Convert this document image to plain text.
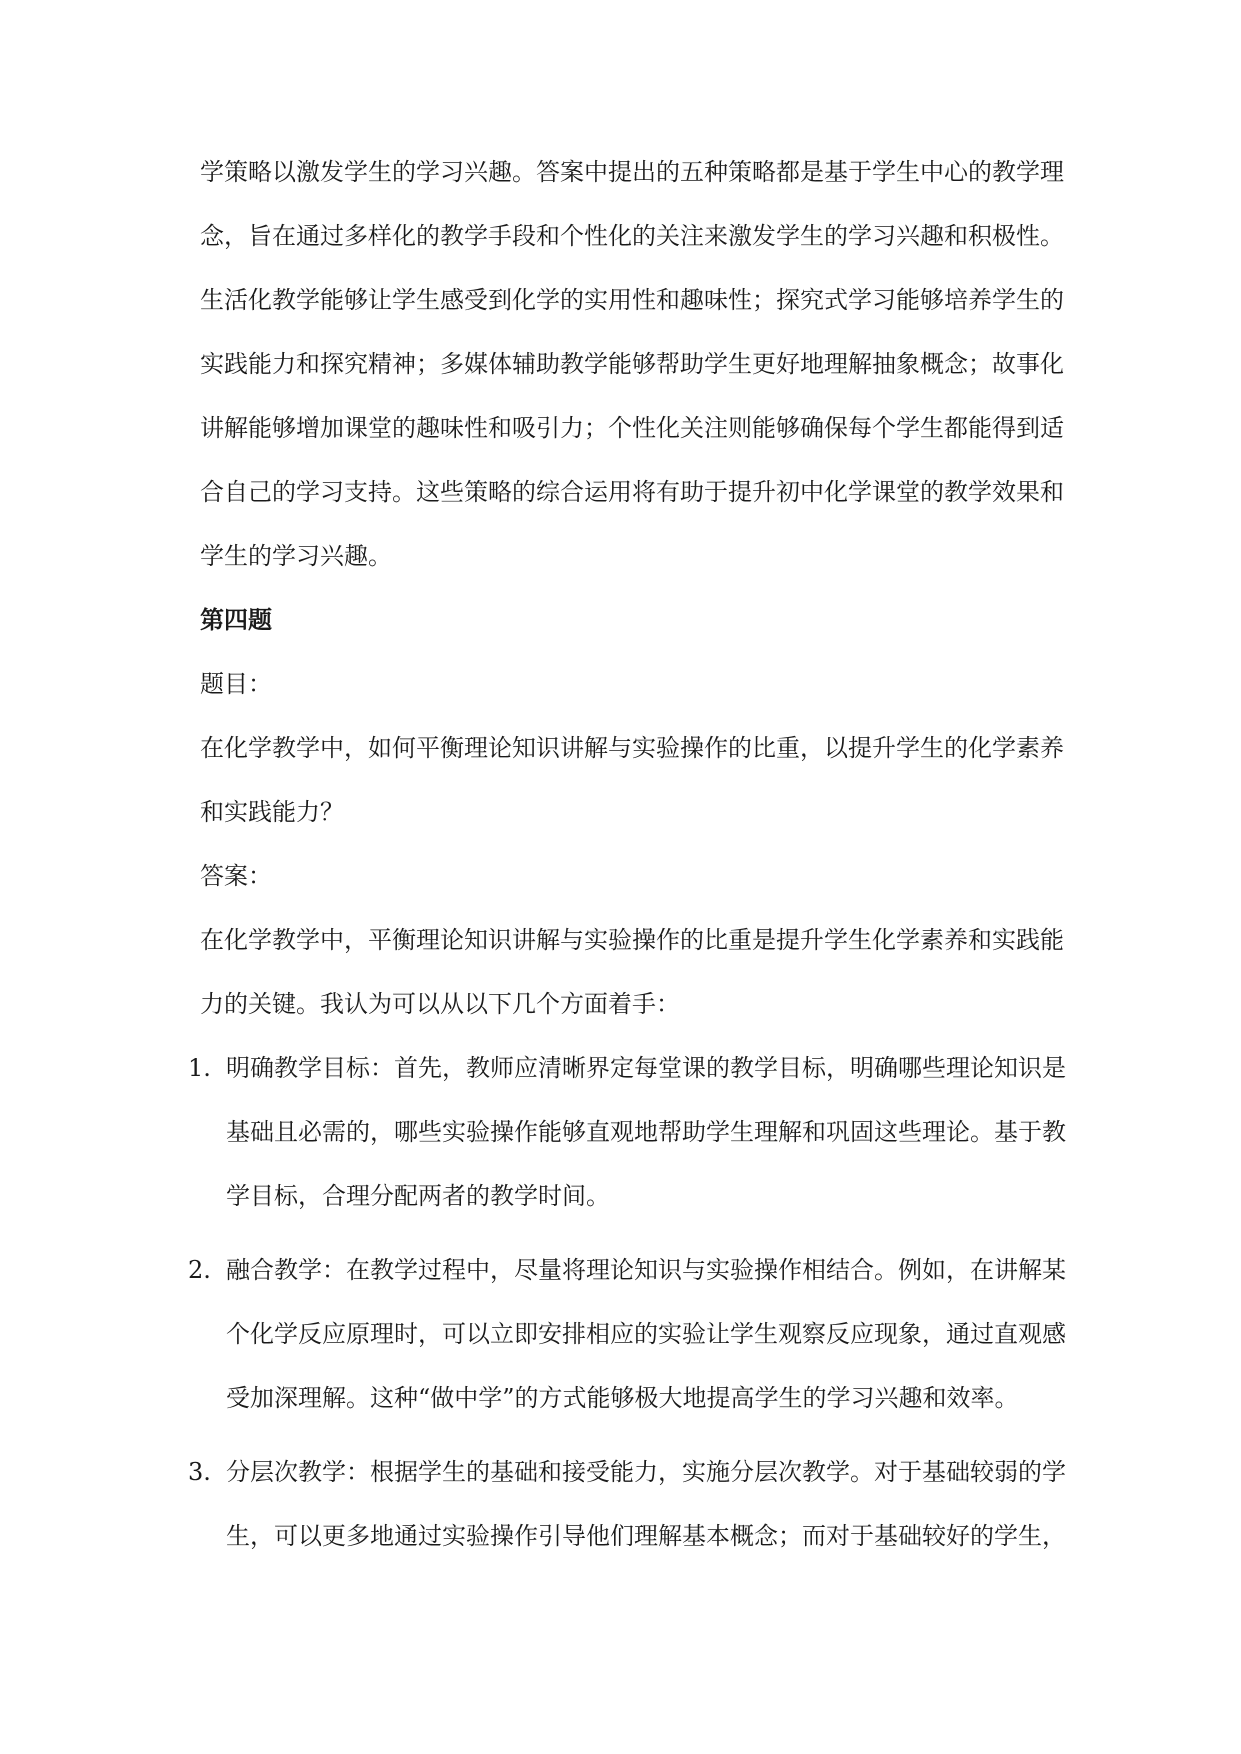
学策略以激发学生的学习兴趣。答案中提出的五种策略都是基于学生中心的教学理
念，旨在通过多样化的教学手段和个性化的关注来激发学生的学习兴趣和积极性。
生活化教学能够让学生感受到化学的实用性和趣味性；探究式学习能够培养学生的
实践能力和探究精神；多媒体辅助教学能够帮助学生更好地理解抽象概念；故事化
讲解能够增加课堂的趣味性和吸引力；个性化关注则能够确保每个学生都能得到适
合自己的学习支持。这些策略的综合运用将有助于提升初中化学课堂的教学效果和
学生的学习兴趣。

第四题

题目：

在化学教学中，如何平衡理论知识讲解与实验操作的比重，以提升学生的化学素养
和实践能力？

答案：

在化学教学中，平衡理论知识讲解与实验操作的比重是提升学生化学素养和实践能
力的关键。我认为可以从以下几个方面着手：

1. 明确教学目标：首先，教师应清晰界定每堂课的教学目标，明确哪些理论知识是
基础且必需的，哪些实验操作能够直观地帮助学生理解和巩固这些理论。基于教
学目标，合理分配两者的教学时间。
2. 融合教学：在教学过程中，尽量将理论知识与实验操作相结合。例如，在讲解某
个化学反应原理时，可以立即安排相应的实验让学生观察反应现象，通过直观感
受加深理解。这种“做中学”的方式能够极大地提高学生的学习兴趣和效率。
3. 分层次教学：根据学生的基础和接受能力，实施分层次教学。对于基础较弱的学
生，可以更多地通过实验操作引导他们理解基本概念；而对于基础较好的学生，
